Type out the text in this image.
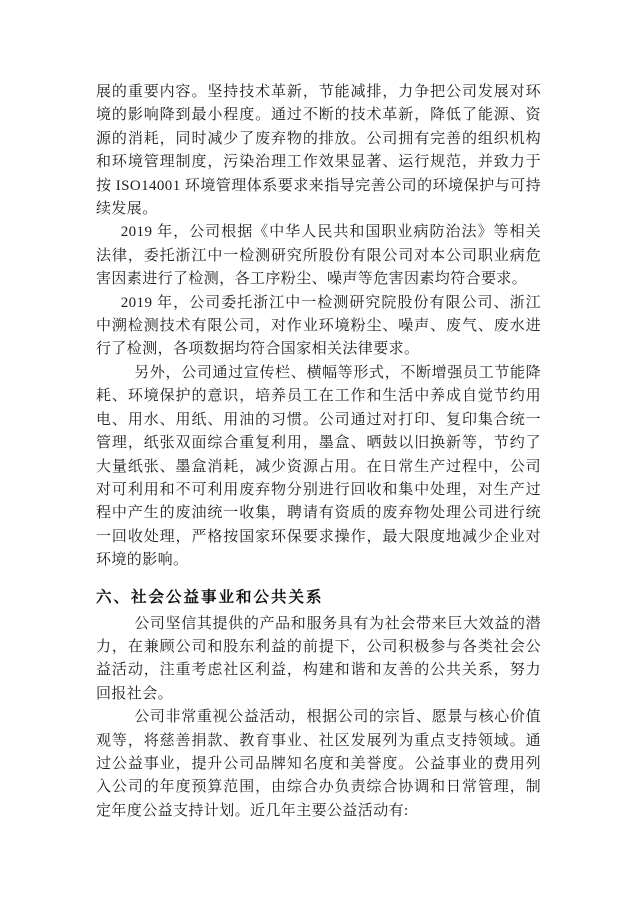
展的重要内容。坚持技术革新，节能减排，力争把公司发展对环境的影响降到最小程度。通过不断的技术革新，降低了能源、资源的消耗，同时减少了废弃物的排放。公司拥有完善的组织机构和环境管理制度，污染治理工作效果显著、运行规范，并致力于按 ISO14001 环境管理体系要求来指导完善公司的环境保护与可持续发展。

2019 年，公司根据《中华人民共和国职业病防治法》等相关法律，委托浙江中一检测研究所股份有限公司对本公司职业病危害因素进行了检测，各工序粉尘、噪声等危害因素均符合要求。

2019 年，公司委托浙江中一检测研究院股份有限公司、浙江中溯检测技术有限公司，对作业环境粉尘、噪声、废气、废水进行了检测，各项数据均符合国家相关法律要求。

另外，公司通过宣传栏、横幅等形式，不断增强员工节能降耗、环境保护的意识，培养员工在工作和生活中养成自觉节约用电、用水、用纸、用油的习惯。公司通过对打印、复印集合统一管理，纸张双面综合重复利用，墨盒、晒鼓以旧换新等，节约了大量纸张、墨盒消耗，减少资源占用。在日常生产过程中，公司对可利用和不可利用废弃物分别进行回收和集中处理，对生产过程中产生的废油统一收集，聘请有资质的废弃物处理公司进行统一回收处理，严格按国家环保要求操作，最大限度地减少企业对环境的影响。

六、社会公益事业和公共关系

公司坚信其提供的产品和服务具有为社会带来巨大效益的潜力，在兼顾公司和股东利益的前提下，公司积极参与各类社会公益活动，注重考虑社区利益，构建和谐和友善的公共关系，努力回报社会。

公司非常重视公益活动，根据公司的宗旨、愿景与核心价值观等，将慈善捐款、教育事业、社区发展列为重点支持领域。通过公益事业，提升公司品牌知名度和美誉度。公益事业的费用列入公司的年度预算范围，由综合办负责综合协调和日常管理，制定年度公益支持计划。近几年主要公益活动有:
